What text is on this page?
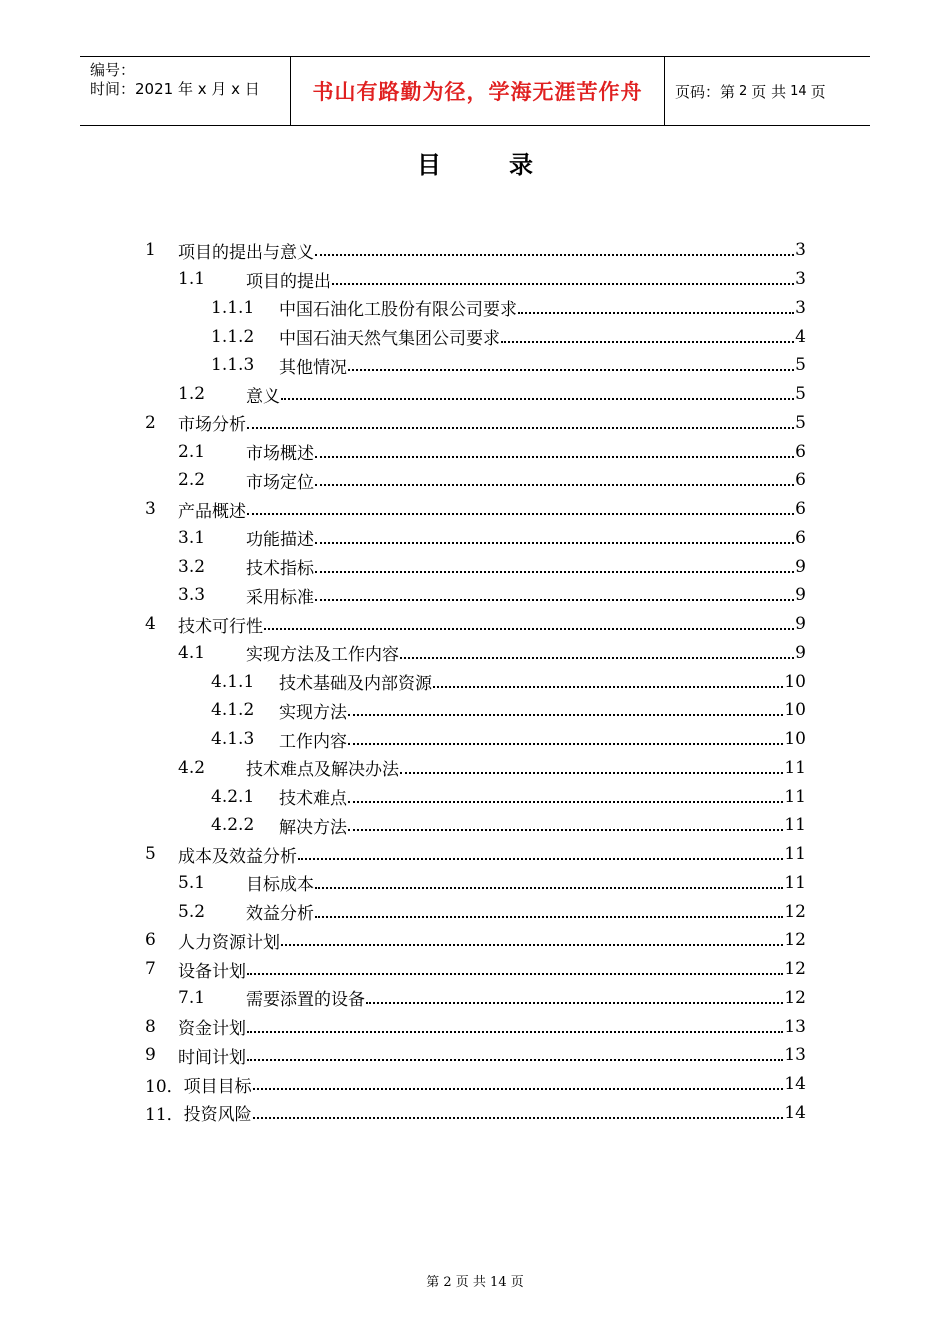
编号：
时间：2021 年 x 月 x 日	书山有路勤为径，学海无涯苦作舟	页码：第 2 页 共 14 页
目	录
1	项目的提出与意义	3
1.1	项目的提出	3
1.1.1	中国石油化工股份有限公司要求	3
1.1.2	中国石油天然气集团公司要求	4
1.1.3	其他情况	5
1.2	意义	5
2	市场分析	5
2.1	市场概述	6
2.2	市场定位	6
3	产品概述	6
3.1	功能描述	6
3.2	技术指标	9
3.3	采用标准	9
4	技术可行性	9
4.1	实现方法及工作内容	9
4.1.1	技术基础及内部资源	10
4.1.2	实现方法	10
4.1.3	工作内容	10
4.2	技术难点及解决办法	11
4.2.1	技术难点	11
4.2.2	解决方法	11
5	成本及效益分析	11
5.1	目标成本	11
5.2	效益分析	12
6	人力资源计划	12
7	设备计划	12
7.1	需要添置的设备	12
8	资金计划	13
9	时间计划	13
10． 项目目标	14
11． 投资风险	14
第 2 页 共 14 页
